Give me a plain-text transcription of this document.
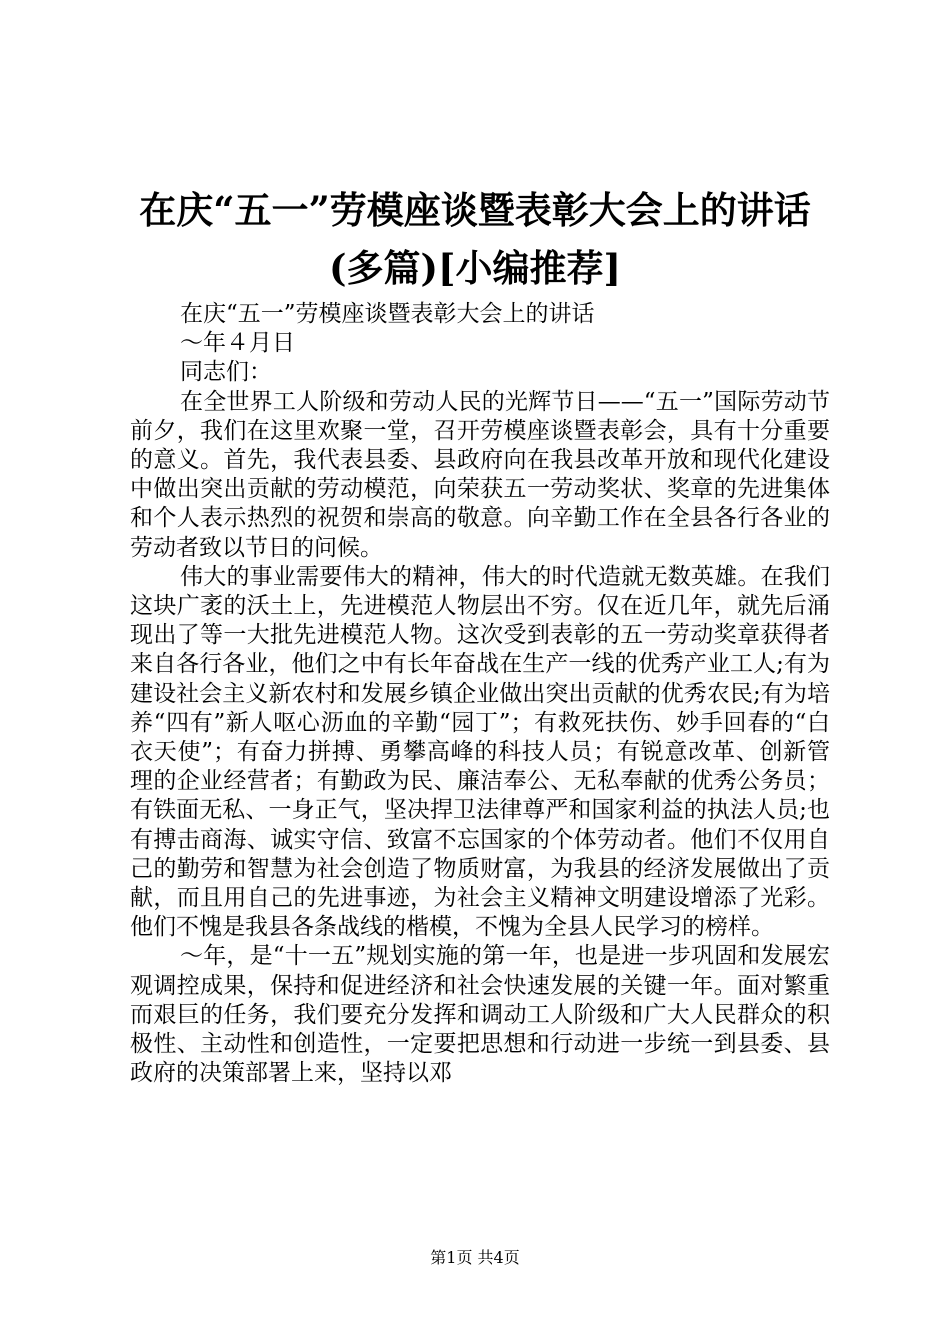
在庆“五一”劳模座谈暨表彰大会上的讲话
(多篇)[小编推荐]

在庆“五一”劳模座谈暨表彰大会上的讲话

～年４月日

同志们：

在全世界工人阶级和劳动人民的光辉节日——“五一”国际劳动节前夕，我们在这里欢聚一堂，召开劳模座谈暨表彰会，具有十分重要的意义。首先，我代表县委、县政府向在我县改革开放和现代化建设中做出突出贡献的劳动模范，向荣获五一劳动奖状、奖章的先进集体和个人表示热烈的祝贺和崇高的敬意。向辛勤工作在全县各行各业的劳动者致以节日的问候。

伟大的事业需要伟大的精神，伟大的时代造就无数英雄。在我们这块广袤的沃土上，先进模范人物层出不穷。仅在近几年，就先后涌现出了等一大批先进模范人物。这次受到表彰的五一劳动奖章获得者来自各行各业，他们之中有长年奋战在生产一线的优秀产业工人;有为建设社会主义新农村和发展乡镇企业做出突出贡献的优秀农民;有为培养“四有”新人呕心沥血的辛勤“园丁”；有救死扶伤、妙手回春的“白衣天使”；有奋力拼搏、勇攀高峰的科技人员；有锐意改革、创新管理的企业经营者；有勤政为民、廉洁奉公、无私奉献的优秀公务员；有铁面无私、一身正气，坚决捍卫法律尊严和国家利益的执法人员;也有搏击商海、诚实守信、致富不忘国家的个体劳动者。他们不仅用自己的勤劳和智慧为社会创造了物质财富，为我县的经济发展做出了贡献，而且用自己的先进事迹，为社会主义精神文明建设增添了光彩。他们不愧是我县各条战线的楷模，不愧为全县人民学习的榜样。

～年，是“十一五”规划实施的第一年，也是进一步巩固和发展宏观调控成果，保持和促进经济和社会快速发展的关键一年。面对繁重而艰巨的任务，我们要充分发挥和调动工人阶级和广大人民群众的积极性、主动性和创造性，一定要把思想和行动进一步统一到县委、县政府的决策部署上来，坚持以邓

第1页 共4页
